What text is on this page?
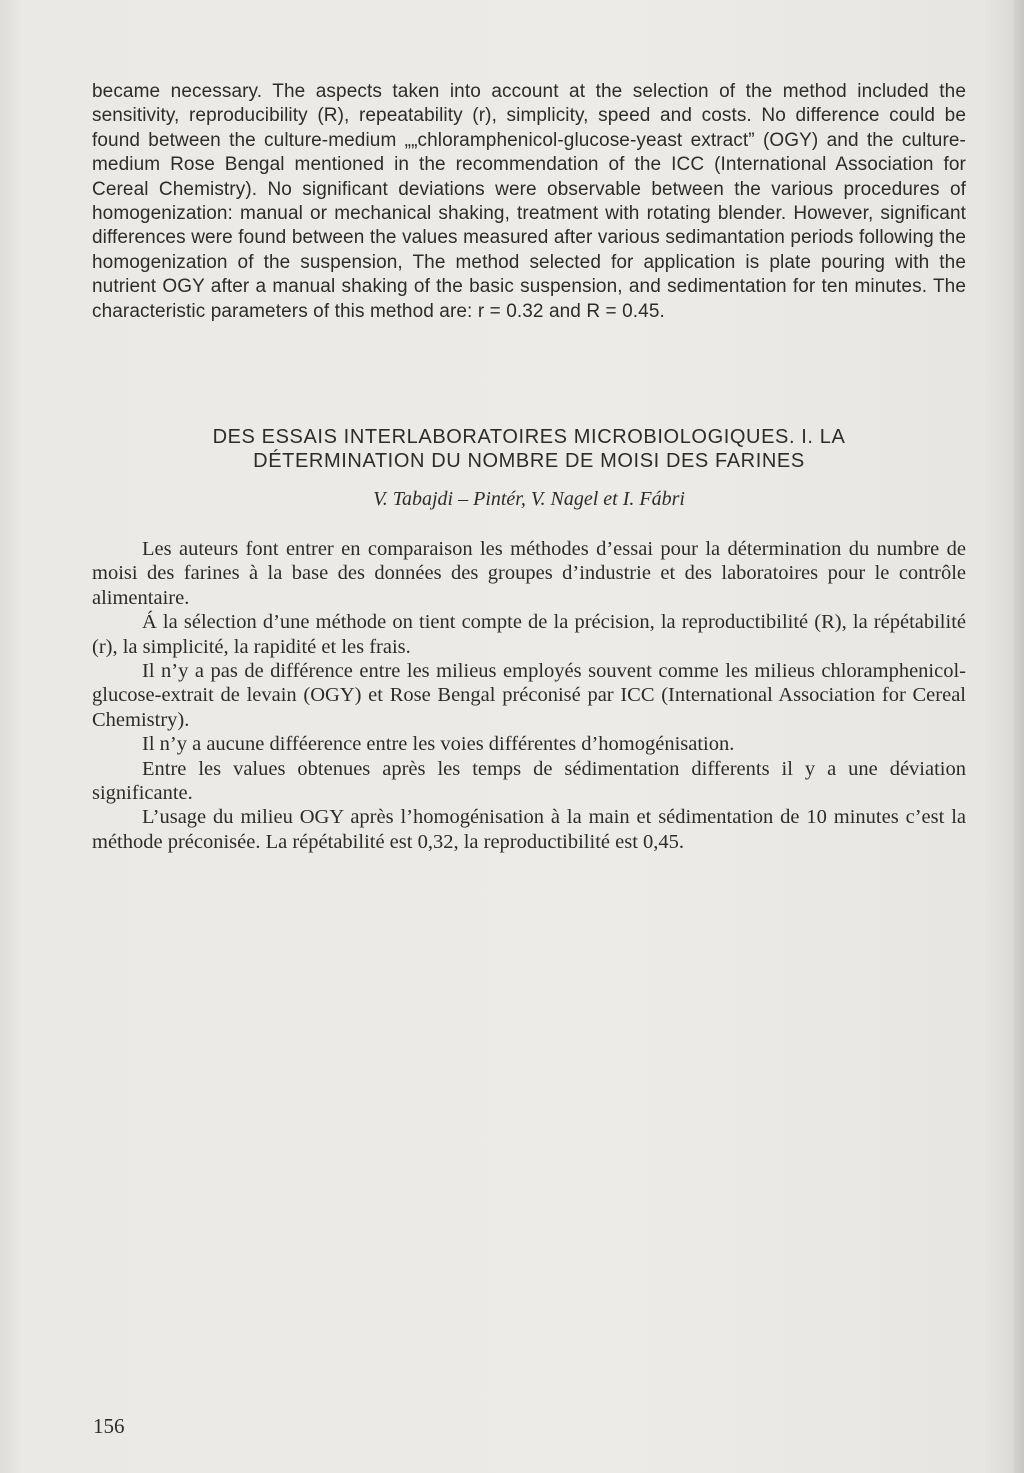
became necessary. The aspects taken into account at the selection of the method included the sensitivity, reproducibility (R), repeatability (r), simplicity, speed and costs. No difference could be found between the culture-medium „„chloramphenicol-glucose-yeast extract” (OGY) and the culture-medium Rose Bengal mentioned in the recommendation of the ICC (International Association for Cereal Chemistry). No significant deviations were observable between the various procedures of homogenization: manual or mechanical shaking, treatment with rotating blender. However, significant differences were found between the values measured after various sedimantation periods following the homogenization of the suspension, The method selected for application is plate pouring with the nutrient OGY after a manual shaking of the basic suspension, and sedimentation for ten minutes. The characteristic parameters of this method are: r = 0.32 and R = 0.45.

DES ESSAIS INTERLABORATOIRES MICROBIOLOGIQUES. I. LA
DÉTERMINATION DU NOMBRE DE MOISI DES FARINES
V. Tabajdi – Pintér, V. Nagel et I. Fábri

Les auteurs font entrer en comparaison les méthodes d’essai pour la détermination du numbre de moisi des farines à la base des données des groupes d’industrie et des laboratoires pour le contrôle alimentaire.

Á la sélection d’une méthode on tient compte de la précision, la reproductibilité (R), la répétabilité (r), la simplicité, la rapidité et les frais.

Il n’y a pas de différence entre les milieus employés souvent comme les milieus chloramphenicol-glucose-extrait de levain (OGY) et Rose Bengal préconisé par ICC (International Association for Cereal Chemistry).

Il n’y a aucune difféerence entre les voies différentes d’homogénisation.

Entre les values obtenues après les temps de sédimentation differents il y a une déviation significante.

L’usage du milieu OGY après l’homogénisation à la main et sédimentation de 10 minutes c’est la méthode préconisée. La répétabilité est 0,32, la reproductibilité est 0,45.

156
